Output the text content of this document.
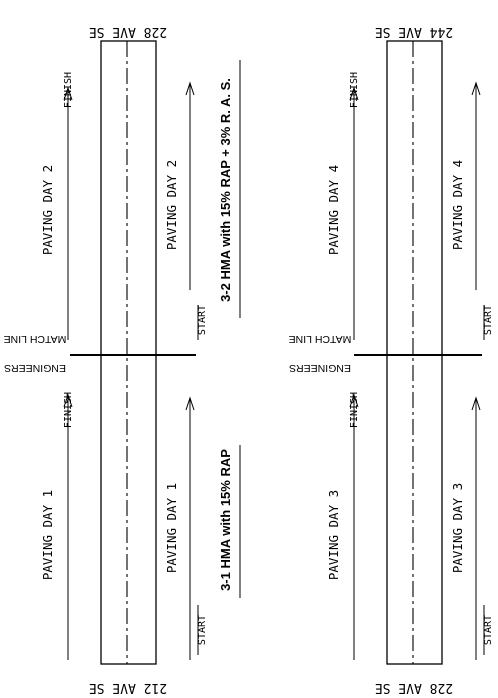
228 AVE SE
212 AVE SE
MATCH LINE
ENGINEERS
PAVING DAY 2	PAVING DAY 2
PAVING DAY 1	PAVING DAY 1
FINISH
FINISH
START
START
3-2 HMA with 15% RAP + 3% R. A. S.
3-1 HMA with 15% RAP
244 AVE SE
228 AVE SE
MATCH LINE
ENGINEERS
PAVING DAY 4	PAVING DAY 4
PAVING DAY 3	PAVING DAY 3
FINISH
FINISH
START
START
